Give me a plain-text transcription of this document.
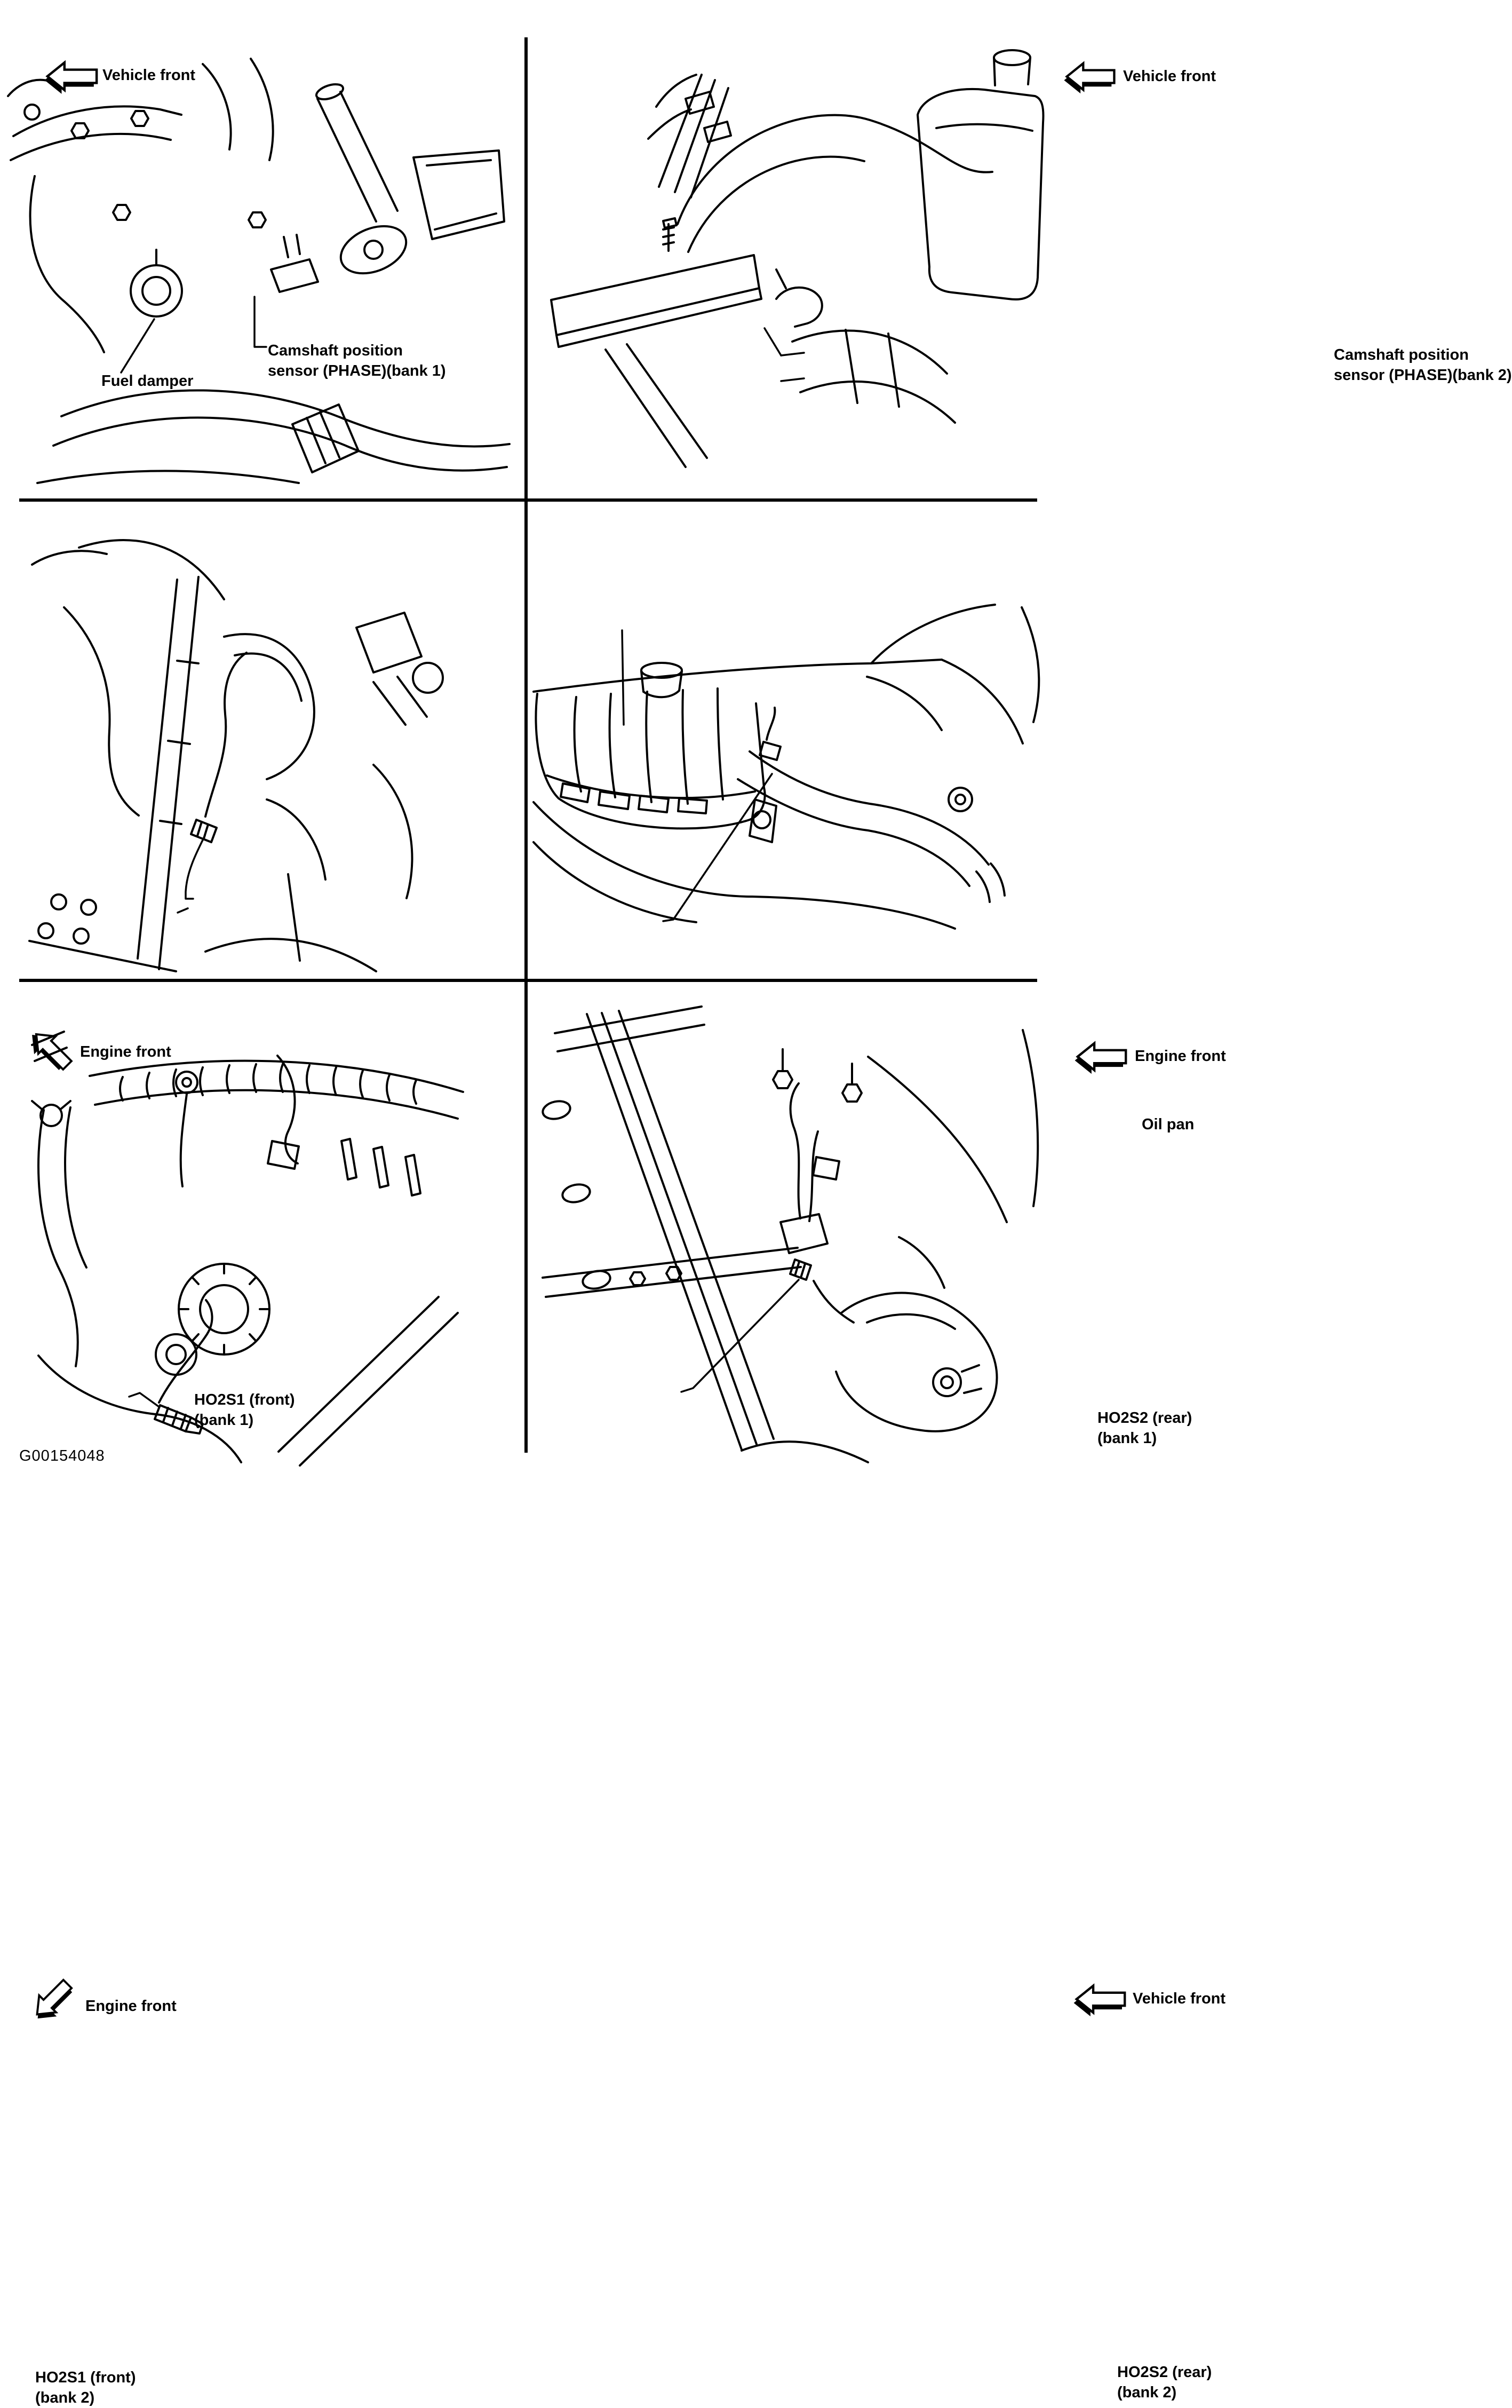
Vehicle front
Fuel damper
Camshaft position
sensor (PHASE)(bank 1)
Vehicle front
Camshaft position
sensor (PHASE)(bank 2)
Engine front
HO2S1 (front)
(bank 1)
Engine front
Oil pan
HO2S2 (rear)
(bank 1)
Engine front
HO2S1 (front)
(bank 2)
Vehicle front
HO2S2 (rear)
(bank 2)
G00154048
